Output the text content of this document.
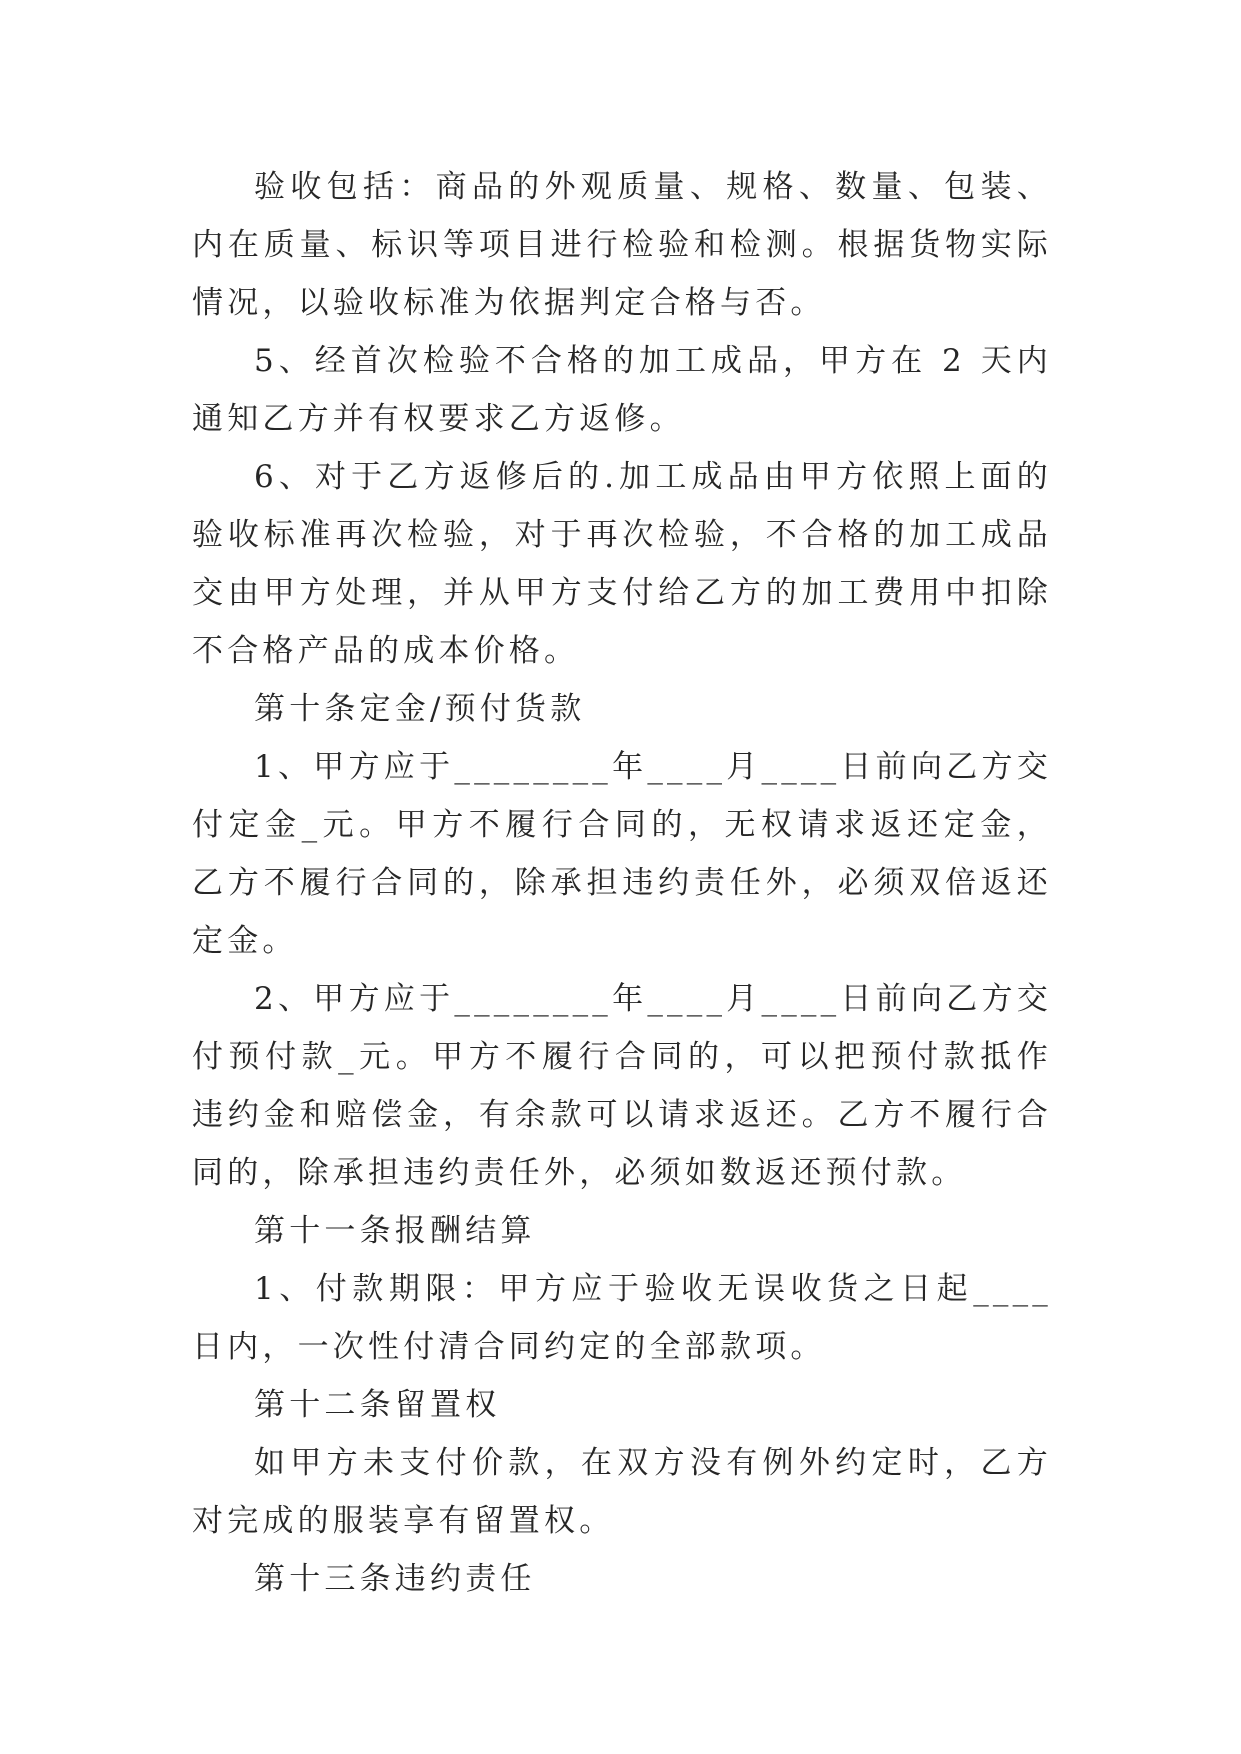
验收包括：商品的外观质量、规格、数量、包装、内在质量、标识等项目进行检验和检测。根据货物实际情况，以验收标准为依据判定合格与否。

5、经首次检验不合格的加工成品，甲方在 2 天内通知乙方并有权要求乙方返修。

6、对于乙方返修后的.加工成品由甲方依照上面的验收标准再次检验，对于再次检验，不合格的加工成品交由甲方处理，并从甲方支付给乙方的加工费用中扣除不合格产品的成本价格。

第十条定金/预付货款

1、甲方应于________年____月____日前向乙方交付定金_元。甲方不履行合同的，无权请求返还定金，乙方不履行合同的，除承担违约责任外，必须双倍返还定金。

2、甲方应于________年____月____日前向乙方交付预付款_元。甲方不履行合同的，可以把预付款抵作违约金和赔偿金，有余款可以请求返还。乙方不履行合同的，除承担违约责任外，必须如数返还预付款。

第十一条报酬结算

1、付款期限：甲方应于验收无误收货之日起____日内，一次性付清合同约定的全部款项。

第十二条留置权

如甲方未支付价款，在双方没有例外约定时，乙方对完成的服装享有留置权。

第十三条违约责任
